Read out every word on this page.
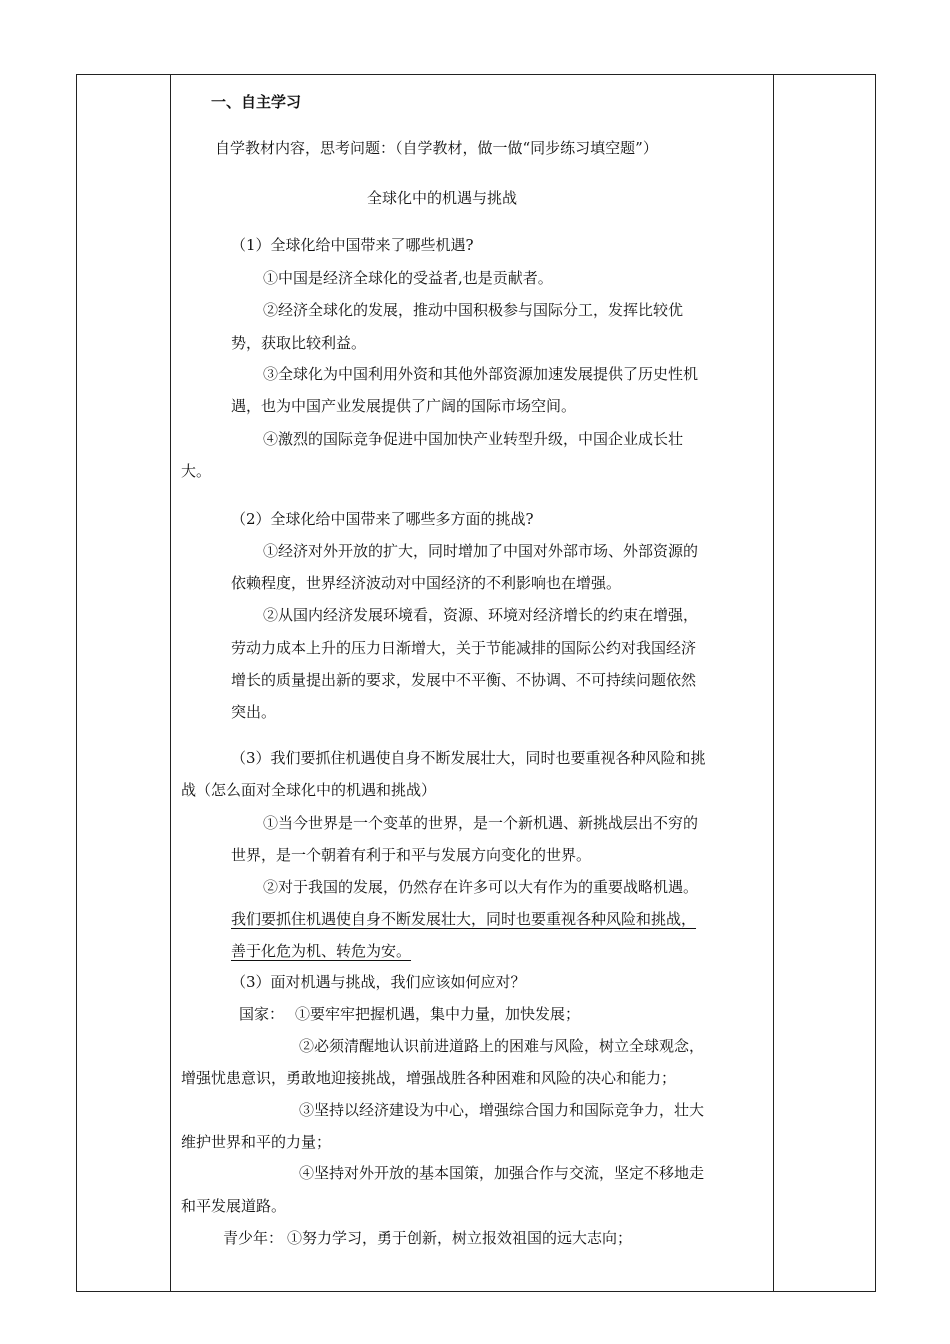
一、自主学习
自学教材内容，思考问题：（自学教材，做一做“同步练习填空题”）
全球化中的机遇与挑战
（1）全球化给中国带来了哪些机遇?
①中国是经济全球化的受益者,也是贡献者。
②经济全球化的发展，推动中国积极参与国际分工，发挥比较优
势，获取比较利益。
③全球化为中国利用外资和其他外部资源加速发展提供了历史性机
遇，也为中国产业发展提供了广阔的国际市场空间。
④激烈的国际竞争促进中国加快产业转型升级，中国企业成长壮
大。
（2）全球化给中国带来了哪些多方面的挑战?
①经济对外开放的扩大，同时增加了中国对外部市场、外部资源的
依赖程度，世界经济波动对中国经济的不利影响也在增强。
②从国内经济发展环境看，资源、环境对经济增长的约束在增强，
劳动力成本上升的压力日渐增大，关于节能减排的国际公约对我国经济
增长的质量提出新的要求，发展中不平衡、不协调、不可持续问题依然
突出。
（3）我们要抓住机遇使自身不断发展壮大，同时也要重视各种风险和挑
战（怎么面对全球化中的机遇和挑战）
①当今世界是一个变革的世界，是一个新机遇、新挑战层出不穷的
世界，是一个朝着有利于和平与发展方向变化的世界。
②对于我国的发展，仍然存在许多可以大有作为的重要战略机遇。
我们要抓住机遇使自身不断发展壮大，同时也要重视各种风险和挑战，
善于化危为机、转危为安。
（3）面对机遇与挑战，我们应该如何应对？
国家： ①要牢牢把握机遇，集中力量，加快发展；
②必须清醒地认识前进道路上的困难与风险，树立全球观念，
增强忧患意识，勇敢地迎接挑战，增强战胜各种困难和风险的决心和能力；
③坚持以经济建设为中心，增强综合国力和国际竞争力，壮大
维护世界和平的力量；
④坚持对外开放的基本国策，加强合作与交流，坚定不移地走
和平发展道路。
青少年： ①努力学习，勇于创新，树立报效祖国的远大志向；
